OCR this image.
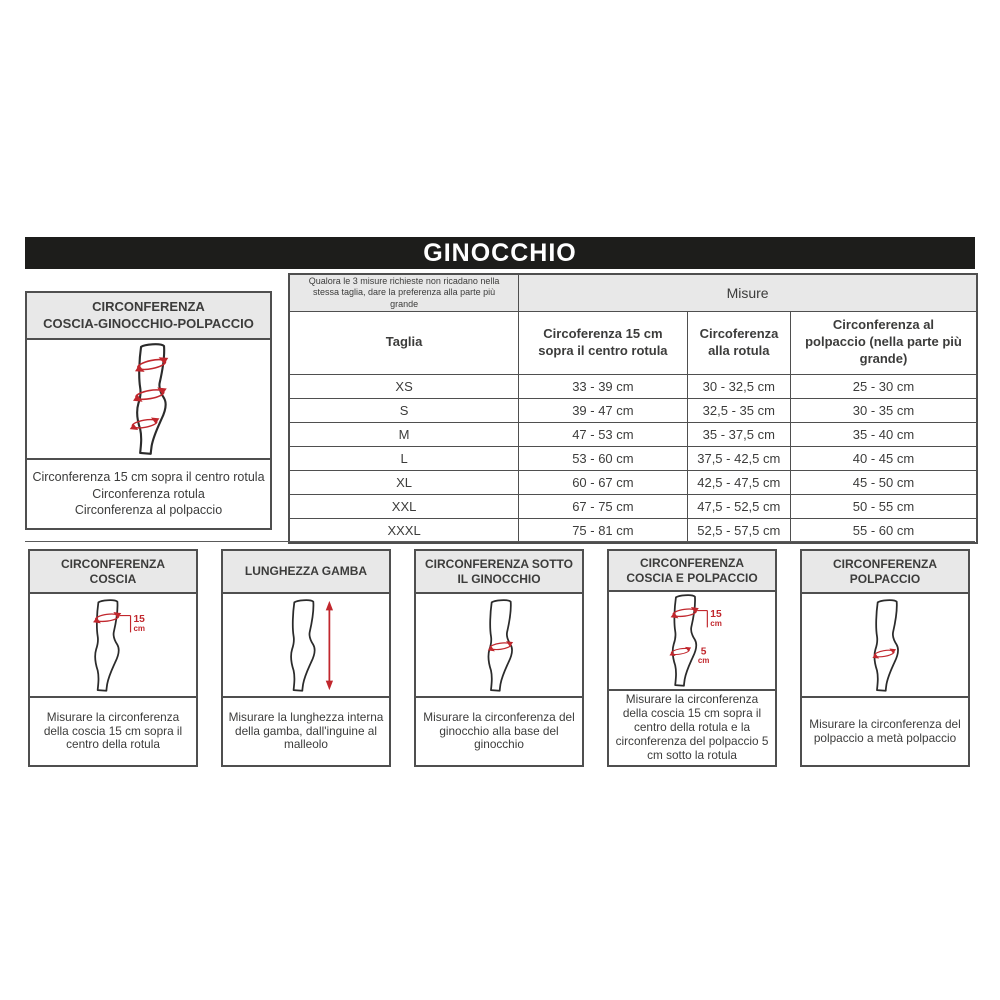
GINOCCHIO
CIRCONFERENZA
COSCIA-GINOCCHIO-POLPACCIO
Circonferenza 15 cm sopra il centro rotula
Circonferenza rotula
Circonferenza al polpaccio
Qualora le 3 misure richieste non ricadano nella stessa taglia, dare la preferenza alla parte più grande	Misure		
Taglia	Circoferenza 15 cm sopra il centro rotula	Circoferenza alla rotula	Circonferenza al polpaccio (nella parte più grande)
XS	33 - 39 cm	30 - 32,5 cm	25 - 30 cm
S	39 - 47 cm	32,5 - 35 cm	30 - 35 cm
M	47 - 53 cm	35 - 37,5 cm	35 - 40 cm
L	53 - 60 cm	37,5 - 42,5 cm	40 - 45 cm
XL	60 - 67 cm	42,5 - 47,5 cm	45 - 50 cm
XXL	67 - 75 cm	47,5 - 52,5 cm	50 - 55 cm
XXXL	75 - 81 cm	52,5 - 57,5 cm	55 - 60 cm
CIRCONFERENZA
COSCIA
15
cm
Misurare la circonferenza della coscia 15 cm sopra il centro della rotula
LUNGHEZZA GAMBA
Misurare la lunghezza interna della gamba, dall'inguine al malleolo
CIRCONFERENZA SOTTO
IL GINOCCHIO
Misurare la circonferenza del ginocchio alla base del ginocchio
CIRCONFERENZA
COSCIA E POLPACCIO
15
cm
5
cm
Misurare la circonferenza della coscia 15 cm sopra il centro della rotula e la circonferenza del polpaccio 5 cm sotto la rotula
CIRCONFERENZA
POLPACCIO
Misurare la circonferenza del polpaccio a metà polpaccio
